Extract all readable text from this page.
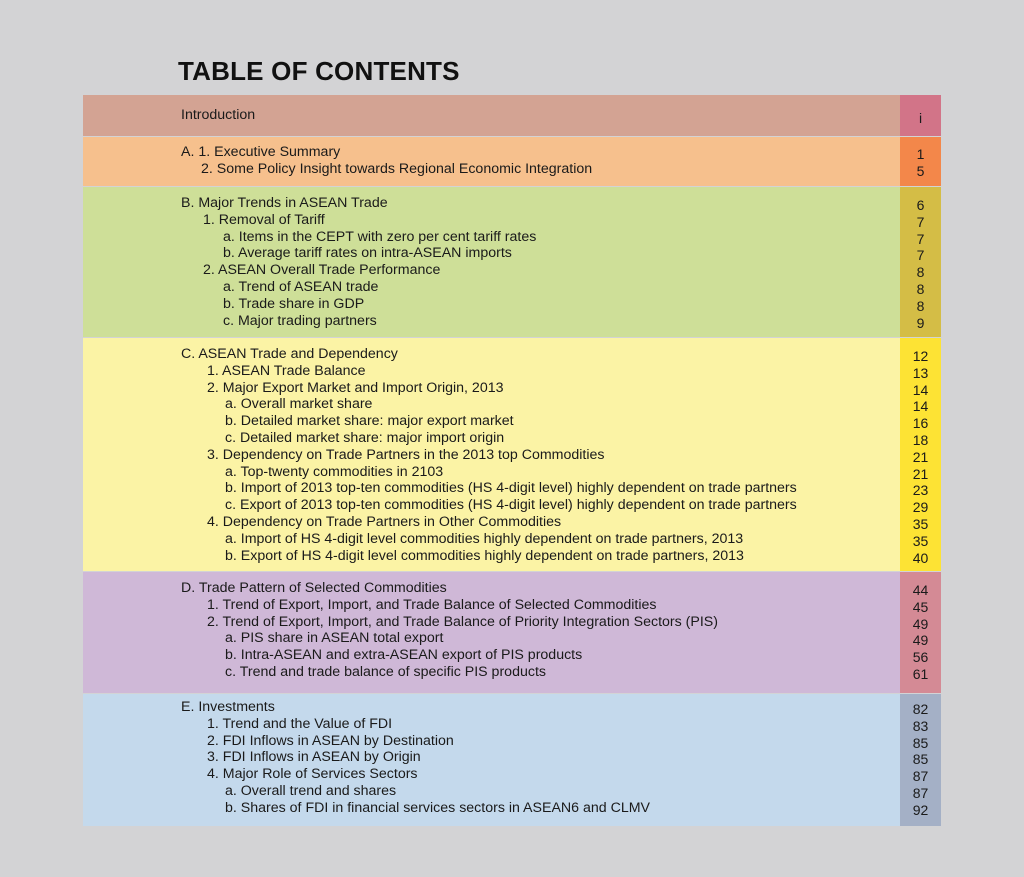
TABLE OF CONTENTS
Introduction	i
A. 1. Executive Summary
2. Some Policy Insight towards Regional Economic Integration
1
5
B. Major Trends in ASEAN Trade
1. Removal of Tariff
a. Items in the CEPT with zero per cent tariff rates
b. Average tariff rates on intra-ASEAN imports
2. ASEAN Overall Trade Performance
a. Trend of ASEAN trade
b. Trade share in GDP
c. Major trading partners
6
7
7
7
8
8
8
9
C. ASEAN Trade and Dependency
1. ASEAN Trade Balance
2. Major Export Market and Import Origin, 2013
a. Overall market share
b. Detailed market share: major export market
c. Detailed market share: major import origin
3. Dependency on Trade Partners in the 2013 top Commodities
a. Top-twenty commodities in 2103
b. Import of 2013 top-ten commodities (HS 4-digit level) highly dependent on trade partners
c. Export of 2013 top-ten commodities (HS 4-digit level) highly dependent on trade partners
4. Dependency on Trade Partners in Other Commodities
a. Import of HS 4-digit level commodities highly dependent on trade partners, 2013
b. Export of HS 4-digit level commodities highly dependent on trade partners, 2013
12
13
14
14
16
18
21
21
23
29
35
35
40
D. Trade Pattern of Selected Commodities
1. Trend of Export, Import, and Trade Balance of Selected Commodities
2. Trend of Export, Import, and Trade Balance of Priority Integration Sectors (PIS)
a. PIS share in ASEAN total export
b. Intra-ASEAN and extra-ASEAN export of PIS products
c. Trend and trade balance of specific PIS products
44
45
49
49
56
61
E. Investments
1. Trend and the Value of FDI
2. FDI Inflows in ASEAN by Destination
3. FDI Inflows in ASEAN by Origin
4. Major Role of Services Sectors
a. Overall trend and shares
b. Shares of FDI in financial services sectors in ASEAN6 and CLMV
82
83
85
85
87
87
92
